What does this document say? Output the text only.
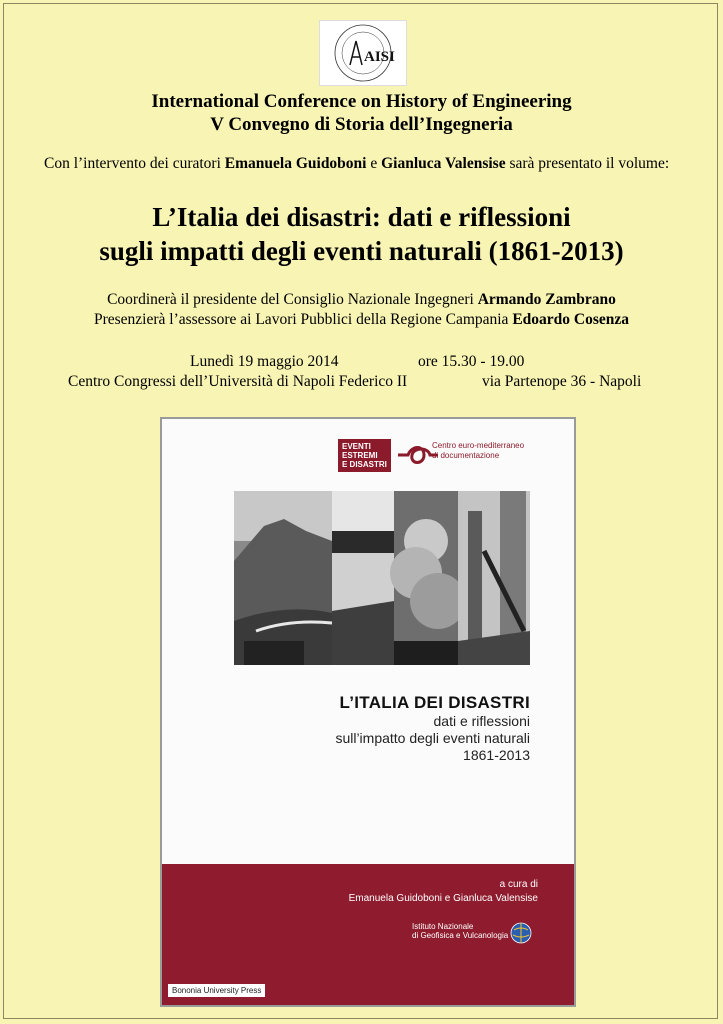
AISI
International Conference on History of Engineering
V Convegno di Storia dell’Ingegneria
Con l’intervento dei curatori Emanuela Guidoboni e Gianluca Valensise sarà presentato il volume:
L’Italia dei disastri: dati e riflessioni
sugli impatti degli eventi naturali (1861-2013)
Coordinerà il presidente del Consiglio Nazionale Ingegneri Armando Zambrano
Presenzierà l’assessore ai Lavori Pubblici della Regione Campania Edoardo Cosenza
Lunedì 19 maggio 2014	ore 15.30 - 19.00
Centro Congressi dell’Università di Napoli Federico II	via Partenope 36 - Napoli
EVENTI
ESTREMI
E DISASTRI
Centro euro-mediterraneo
di documentazione
L’ITALIA DEI DISASTRI
dati e riflessioni
sull’impatto degli eventi naturali
1861-2013
a cura di
Emanuela Guidoboni e Gianluca Valensise
Istituto Nazionale
di Geofisica e Vulcanologia
Bononia University Press
